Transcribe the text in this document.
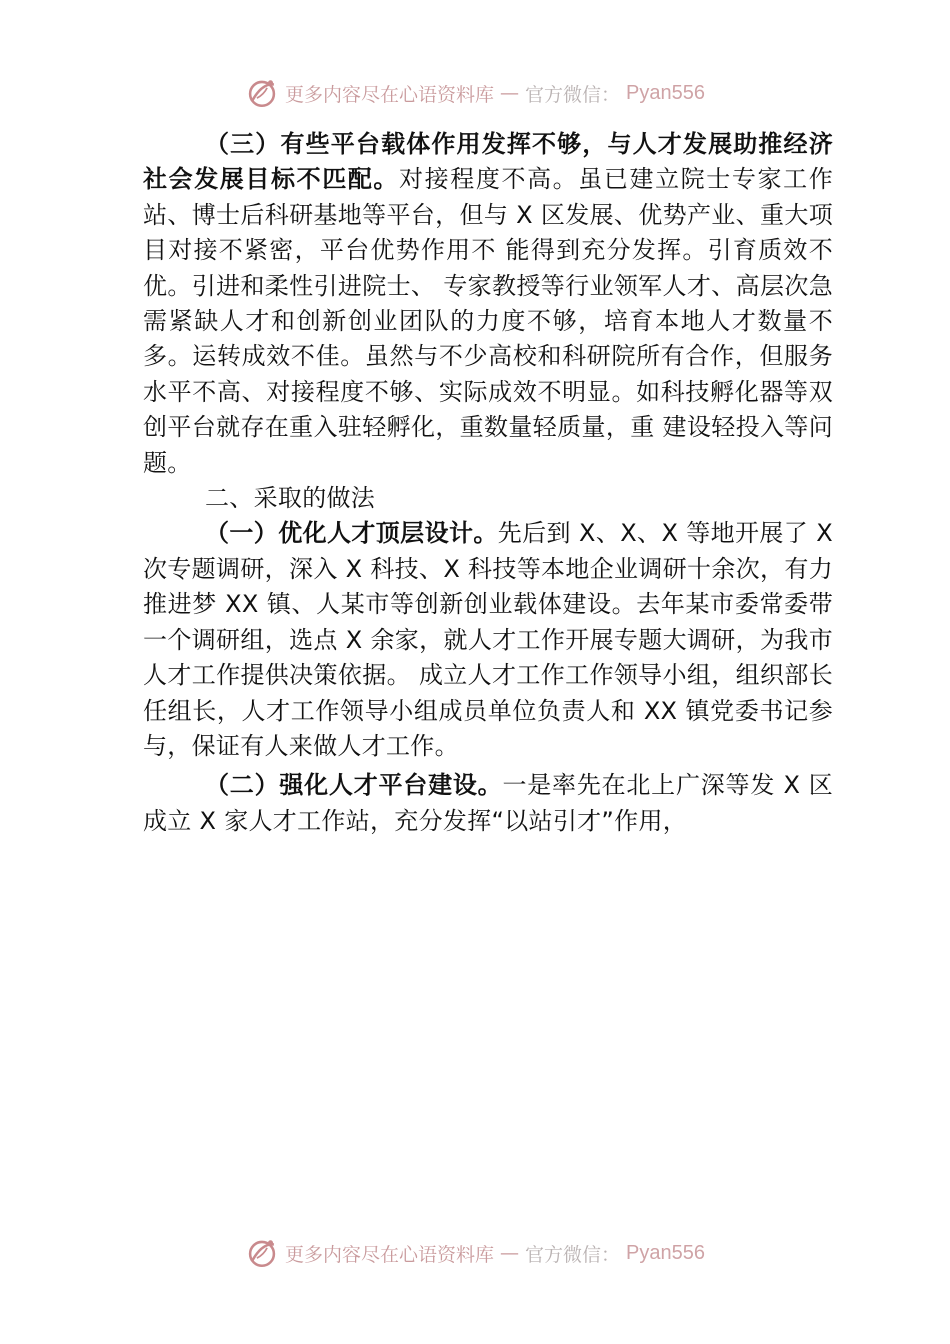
更多内容尽在心语资料库 — 官方微信： Pyan556

（三）有些平台载体作用发挥不够，与人才发展助推经济社会发展目标不匹配。对接程度不高。虽已建立院士专家工作站、博士后科研基地等平台，但与 X 区发展、优势产业、重大项目对接不紧密，平台优势作用不 能得到充分发挥。引育质效不优。引进和柔性引进院士、 专家教授等行业领军人才、高层次急需紧缺人才和创新创业团队的力度不够，培育本地人才数量不多。运转成效不佳。虽然与不少高校和科研院所有合作，但服务水平不高、对接程度不够、实际成效不明显。如科技孵化器等双创平台就存在重入驻轻孵化，重数量轻质量，重 建设轻投入等问题。

二、采取的做法

（一）优化人才顶层设计。先后到 X、X、X 等地开展了 X 次专题调研，深入 X 科技、X 科技等本地企业调研十余次，有力推进梦 XX 镇、人某市等创新创业载体建设。去年某市委常委带一个调研组，选点 X 余家，就人才工作开展专题大调研，为我市人才工作提供决策依据。 成立人才工作工作领导小组，组织部长任组长，人才工作领导小组成员单位负责人和 XX 镇党委书记参与，保证有人来做人才工作。

（二）强化人才平台建设。一是率先在北上广深等发 X 区成立 X 家人才工作站，充分发挥“以站引才”作用，

更多内容尽在心语资料库 — 官方微信： Pyan556
